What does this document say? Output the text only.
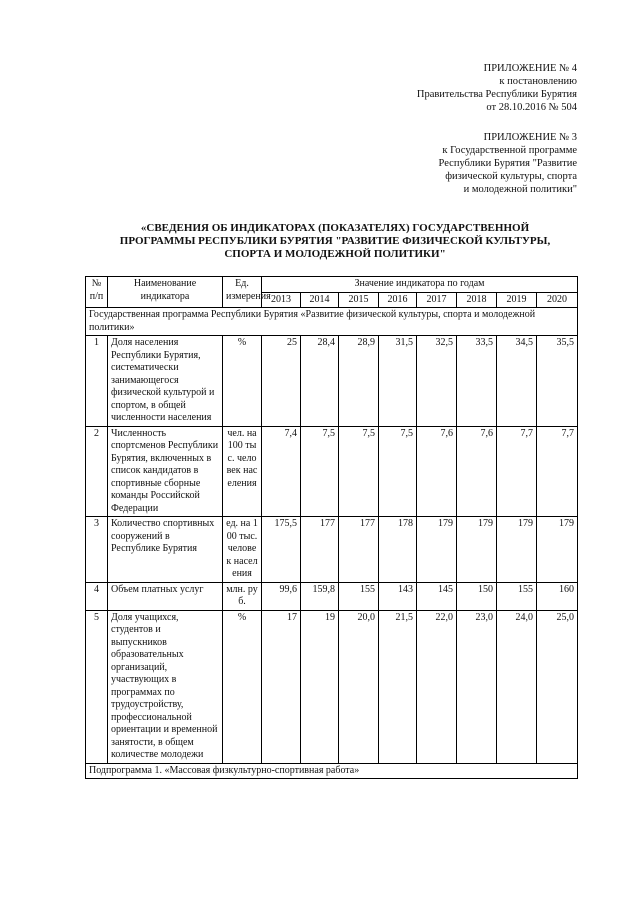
ПРИЛОЖЕНИЕ № 4
к постановлению
Правительства Республики Бурятия
от 28.10.2016 № 504
ПРИЛОЖЕНИЕ № 3
к Государственной программе
Республики Бурятия "Развитие
физической культуры, спорта
и молодежной политики"
«СВЕДЕНИЯ ОБ ИНДИКАТОРАХ (ПОКАЗАТЕЛЯХ) ГОСУДАРСТВЕННОЙ
ПРОГРАММЫ РЕСПУБЛИКИ БУРЯТИЯ "РАЗВИТИЕ ФИЗИЧЕСКОЙ КУЛЬТУРЫ,
СПОРТА И МОЛОДЕЖНОЙ ПОЛИТИКИ"
№ п/п	Наименование индикатора	Ед. измерения	Значение индикатора по годам							
			2013	2014	2015	2016	2017	2018	2019	2020
Государственная программа Республики Бурятия «Развитие физической культуры, спорта и молодежной политики»										
1	Доля населения Республики Бурятия, систематически занимающегося физической культурой и спортом, в общей численности населения	%	25	28,4	28,9	31,5	32,5	33,5	34,5	35,5
2	Численность спортсменов Республики Бурятия, включенных в список кандидатов в спортивные сборные команды Российской Федерации	чел. на 100 тыс. человек населения	7,4	7,5	7,5	7,5	7,6	7,6	7,7	7,7
3	Количество спортивных сооружений в Республике Бурятия	ед. на 100 тыс. человек населения	175,5	177	177	178	179	179	179	179
4	Объем платных услуг	млн. руб.	99,6	159,8	155	143	145	150	155	160
5	Доля учащихся, студентов и выпускников образовательных организаций, участвующих в программах по трудоустройству, профессиональной ориентации и временной занятости, в общем количестве молодежи	%	17	19	20,0	21,5	22,0	23,0	24,0	25,0
Подпрограмма 1. «Массовая физкультурно-спортивная работа»										
